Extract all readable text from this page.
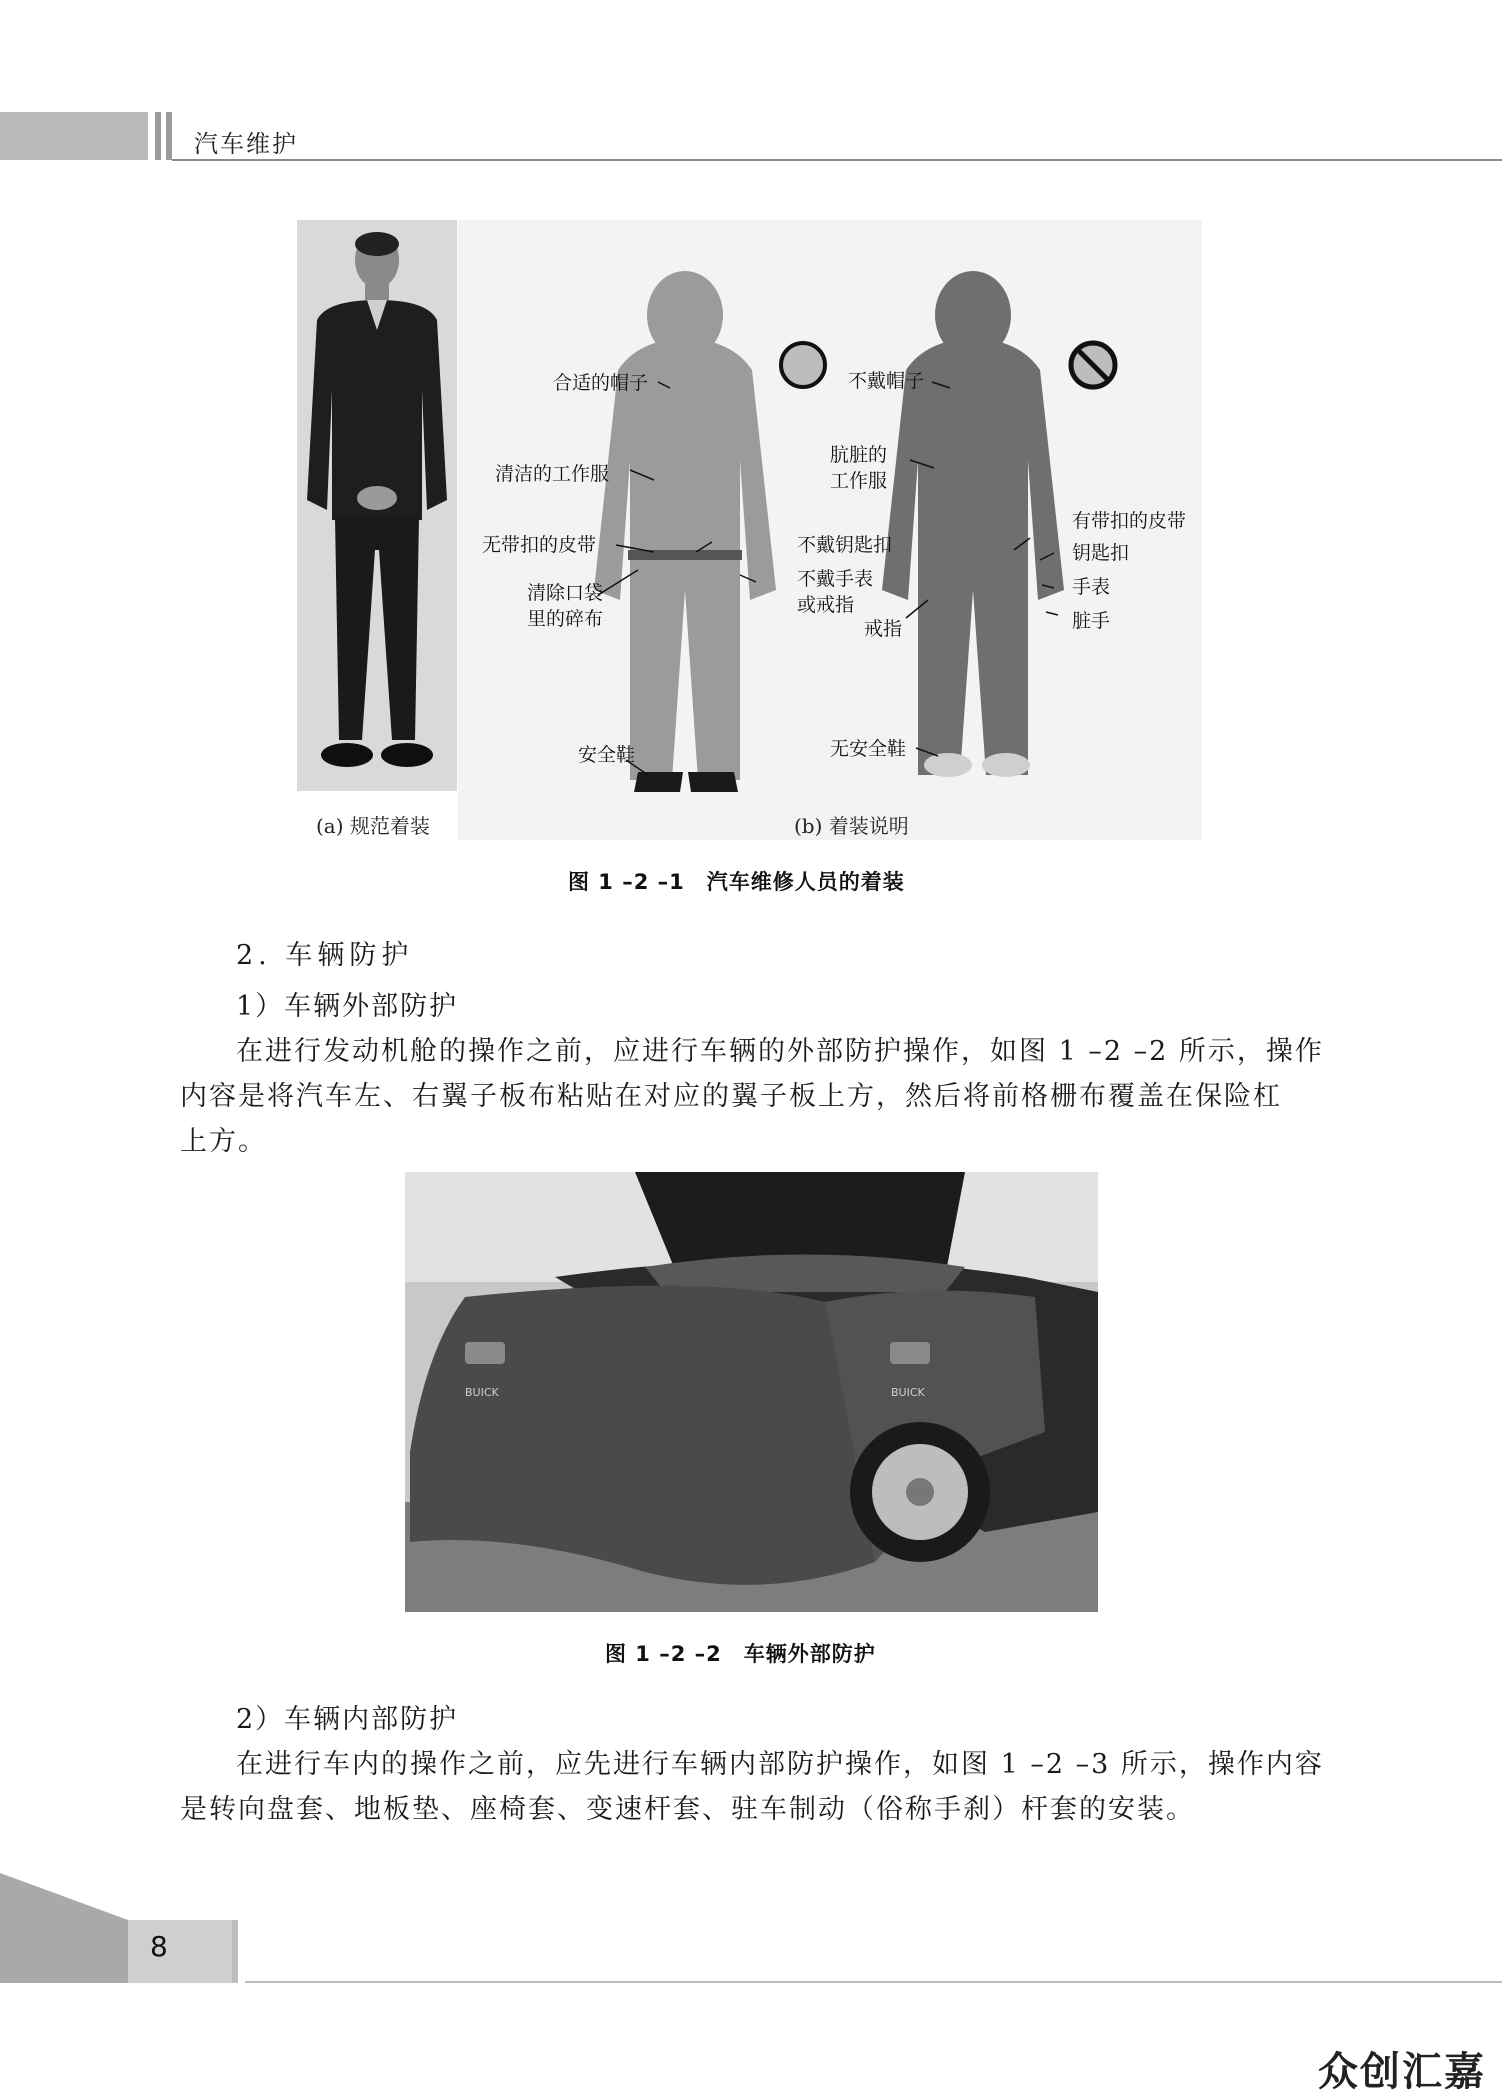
汽车维护
合适的帽子
清洁的工作服
无带扣的皮带
清除口袋
里的碎布
安全鞋
不戴钥匙扣
不戴手表
或戒指
不戴帽子
肮脏的
工作服
有带扣的皮带
钥匙扣
手表
脏手
戒指
无安全鞋
(a) 规范着装	(b) 着装说明
图 1 –2 –1　汽车维修人员的着装
2. 车辆防护
1）车辆外部防护
在进行发动机舱的操作之前，应进行车辆的外部防护操作，如图 1 –2 –2 所示，操作
内容是将汽车左、右翼子板布粘贴在对应的翼子板上方，然后将前格栅布覆盖在保险杠
上方。
BUICK	BUICK
图 1 –2 –2　车辆外部防护
2）车辆内部防护
在进行车内的操作之前，应先进行车辆内部防护操作，如图 1 –2 –3 所示，操作内容
是转向盘套、地板垫、座椅套、变速杆套、驻车制动（俗称手刹）杆套的安装。
8
众创汇嘉
